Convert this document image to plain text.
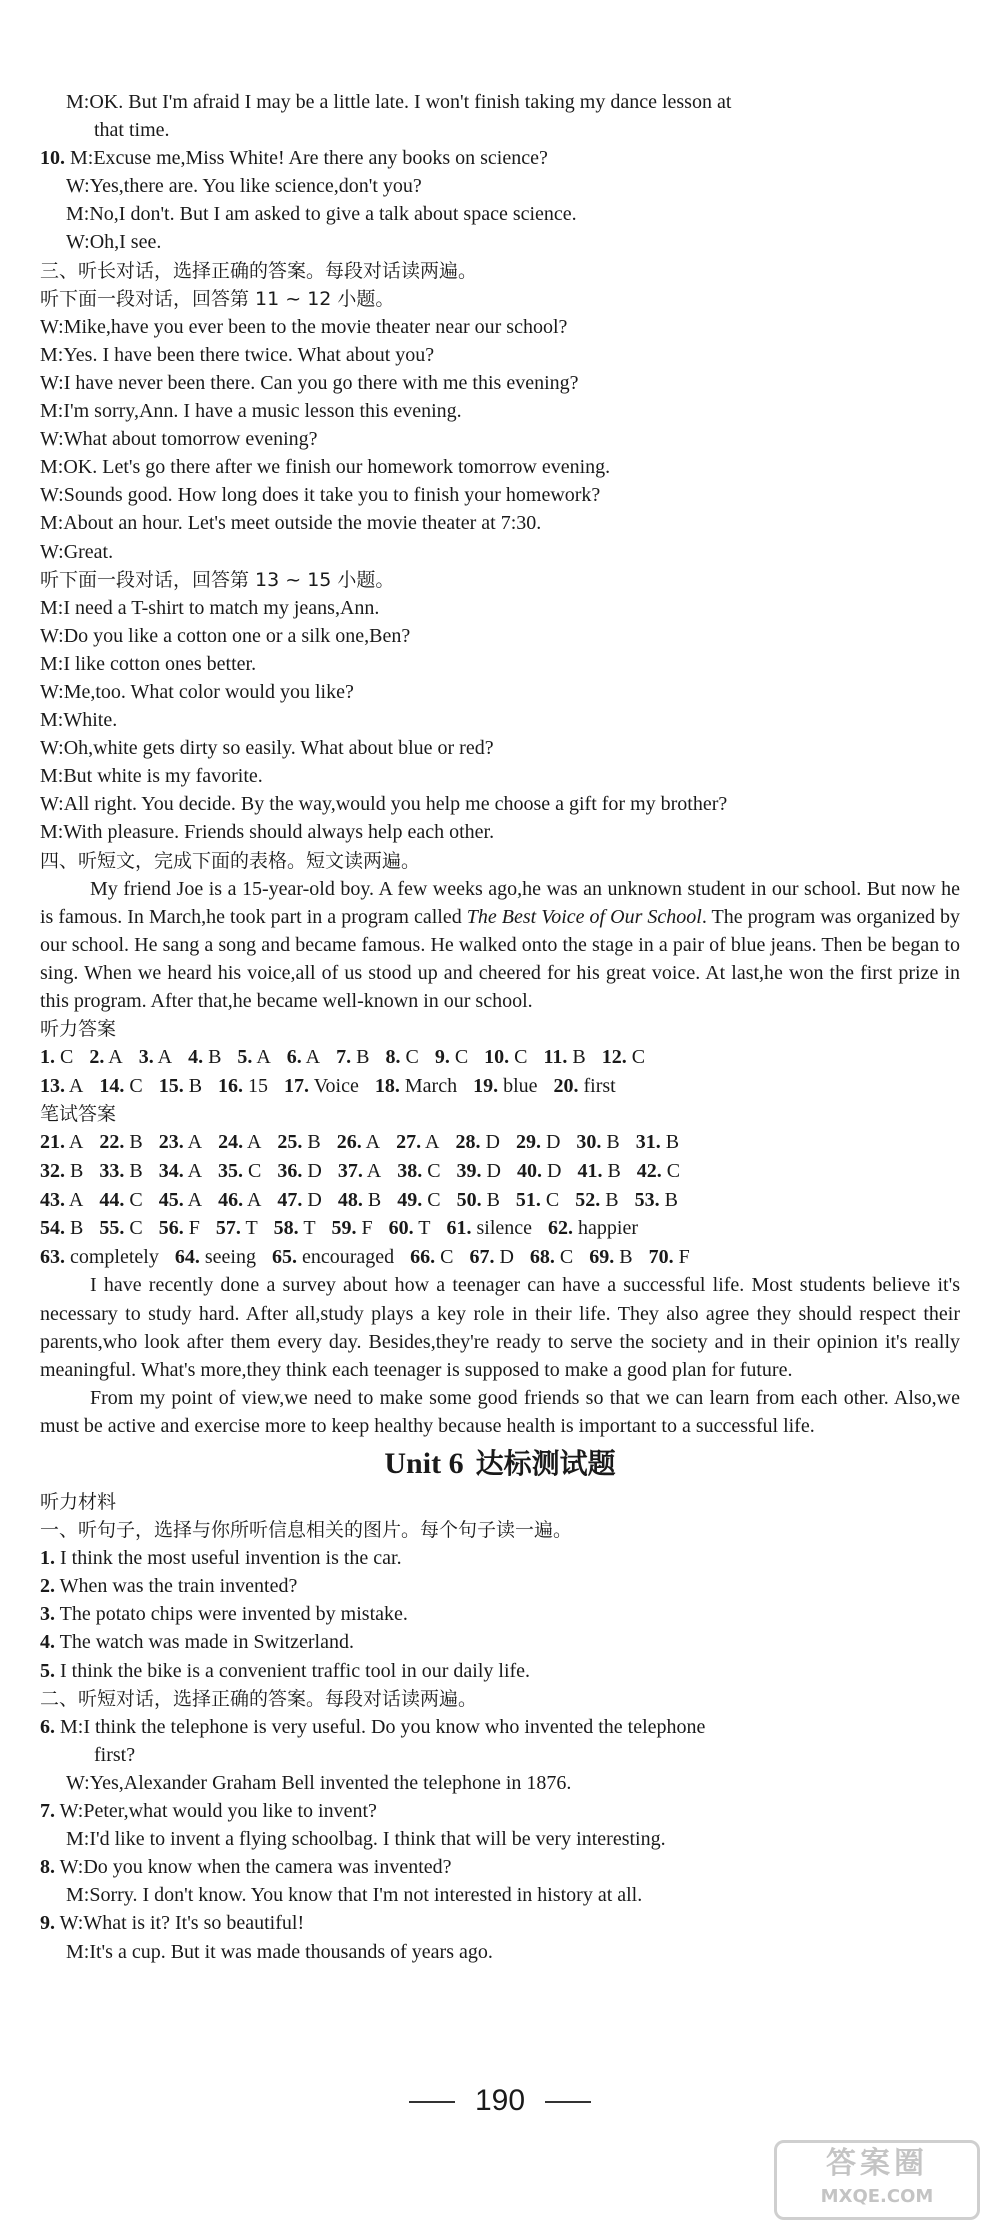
M:OK. But I'm afraid I may be a little late. I won't finish taking my dance lesson at
that time.
10. M:Excuse me,Miss White! Are there any books on science?
W:Yes,there are. You like science,don't you?
M:No,I don't. But I am asked to give a talk about space science.
W:Oh,I see.
三、听长对话，选择正确的答案。每段对话读两遍。
听下面一段对话，回答第 11 ~ 12 小题。
W:Mike,have you ever been to the movie theater near our school?
M:Yes. I have been there twice. What about you?
W:I have never been there. Can you go there with me this evening?
M:I'm sorry,Ann. I have a music lesson this evening.
W:What about tomorrow evening?
M:OK. Let's go there after we finish our homework tomorrow evening.
W:Sounds good. How long does it take you to finish your homework?
M:About an hour. Let's meet outside the movie theater at 7:30.
W:Great.
听下面一段对话，回答第 13 ~ 15 小题。
M:I need a T-shirt to match my jeans,Ann.
W:Do you like a cotton one or a silk one,Ben?
M:I like cotton ones better.
W:Me,too. What color would you like?
M:White.
W:Oh,white gets dirty so easily. What about blue or red?
M:But white is my favorite.
W:All right. You decide. By the way,would you help me choose a gift for my brother?
M:With pleasure. Friends should always help each other.
四、听短文，完成下面的表格。短文读两遍。
My friend Joe is a 15-year-old boy. A few weeks ago,he was an unknown student in our school. But now he is famous. In March,he took part in a program called The Best Voice of Our School. The program was organized by our school. He sang a song and became famous. He walked onto the stage in a pair of blue jeans. Then be began to sing. When we heard his voice,all of us stood up and cheered for his great voice. At last,he won the first prize in this program. After that,he became well-known in our school.
听力答案
1. C 2. A 3. A 4. B 5. A 6. A 7. B 8. C 9. C 10. C 11. B 12. C
13. A 14. C 15. B 16. 15 17. Voice 18. March 19. blue 20. first
笔试答案
21. A 22. B 23. A 24. A 25. B 26. A 27. A 28. D 29. D 30. B 31. B
32. B 33. B 34. A 35. C 36. D 37. A 38. C 39. D 40. D 41. B 42. C
43. A 44. C 45. A 46. A 47. D 48. B 49. C 50. B 51. C 52. B 53. B
54. B 55. C 56. F 57. T 58. T 59. F 60. T 61. silence 62. happier
63. completely 64. seeing 65. encouraged 66. C 67. D 68. C 69. B 70. F
I have recently done a survey about how a teenager can have a successful life. Most students believe it's necessary to study hard. After all,study plays a key role in their life. They also agree they should respect their parents,who look after them every day. Besides,they're ready to serve the society and in their opinion it's really meaningful. What's more,they think each teenager is supposed to make a good plan for future.
From my point of view,we need to make some good friends so that we can learn from each other. Also,we must be active and exercise more to keep healthy because health is important to a successful life.
Unit 6 达标测试题
听力材料
一、听句子，选择与你所听信息相关的图片。每个句子读一遍。
1. I think the most useful invention is the car.
2. When was the train invented?
3. The potato chips were invented by mistake.
4. The watch was made in Switzerland.
5. I think the bike is a convenient traffic tool in our daily life.
二、听短对话，选择正确的答案。每段对话读两遍。
6. M:I think the telephone is very useful. Do you know who invented the telephone
first?
W:Yes,Alexander Graham Bell invented the telephone in 1876.
7. W:Peter,what would you like to invent?
M:I'd like to invent a flying schoolbag. I think that will be very interesting.
8. W:Do you know when the camera was invented?
M:Sorry. I don't know. You know that I'm not interested in history at all.
9. W:What is it? It's so beautiful!
M:It's a cup. But it was made thousands of years ago.
190
答案圈
MXQE.COM
